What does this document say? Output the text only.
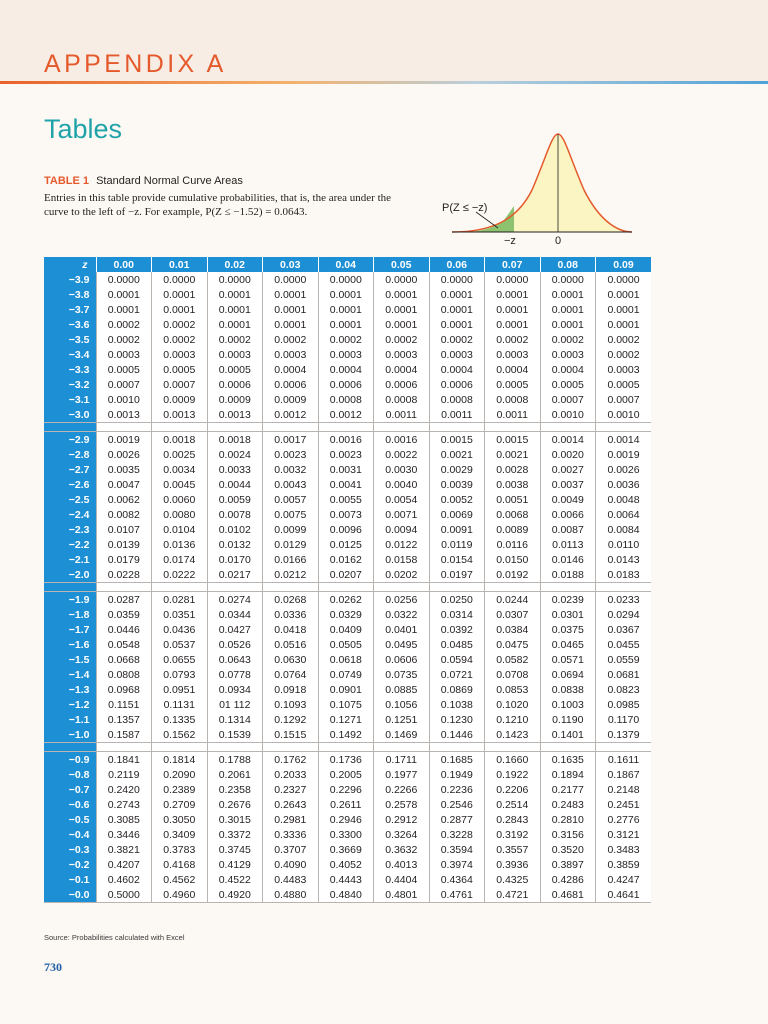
APPENDIX A
Tables
TABLE 1 Standard Normal Curve Areas
Entries in this table provide cumulative probabilities, that is, the area under the curve to the left of −z. For example, P(Z ≤ −1.52) = 0.0643.	P(Z ≤ −z)
−z	0
z	0.00	0.01	0.02	0.03	0.04	0.05	0.06	0.07	0.08	0.09
−3.9	0.0000	0.0000	0.0000	0.0000	0.0000	0.0000	0.0000	0.0000	0.0000	0.0000
−3.8	0.0001	0.0001	0.0001	0.0001	0.0001	0.0001	0.0001	0.0001	0.0001	0.0001
−3.7	0.0001	0.0001	0.0001	0.0001	0.0001	0.0001	0.0001	0.0001	0.0001	0.0001
−3.6	0.0002	0.0002	0.0001	0.0001	0.0001	0.0001	0.0001	0.0001	0.0001	0.0001
−3.5	0.0002	0.0002	0.0002	0.0002	0.0002	0.0002	0.0002	0.0002	0.0002	0.0002
−3.4	0.0003	0.0003	0.0003	0.0003	0.0003	0.0003	0.0003	0.0003	0.0003	0.0002
−3.3	0.0005	0.0005	0.0005	0.0004	0.0004	0.0004	0.0004	0.0004	0.0004	0.0003
−3.2	0.0007	0.0007	0.0006	0.0006	0.0006	0.0006	0.0006	0.0005	0.0005	0.0005
−3.1	0.0010	0.0009	0.0009	0.0009	0.0008	0.0008	0.0008	0.0008	0.0007	0.0007
−3.0	0.0013	0.0013	0.0013	0.0012	0.0012	0.0011	0.0011	0.0011	0.0010	0.0010

−2.9	0.0019	0.0018	0.0018	0.0017	0.0016	0.0016	0.0015	0.0015	0.0014	0.0014
−2.8	0.0026	0.0025	0.0024	0.0023	0.0023	0.0022	0.0021	0.0021	0.0020	0.0019
−2.7	0.0035	0.0034	0.0033	0.0032	0.0031	0.0030	0.0029	0.0028	0.0027	0.0026
−2.6	0.0047	0.0045	0.0044	0.0043	0.0041	0.0040	0.0039	0.0038	0.0037	0.0036
−2.5	0.0062	0.0060	0.0059	0.0057	0.0055	0.0054	0.0052	0.0051	0.0049	0.0048
−2.4	0.0082	0.0080	0.0078	0.0075	0.0073	0.0071	0.0069	0.0068	0.0066	0.0064
−2.3	0.0107	0.0104	0.0102	0.0099	0.0096	0.0094	0.0091	0.0089	0.0087	0.0084
−2.2	0.0139	0.0136	0.0132	0.0129	0.0125	0.0122	0.0119	0.0116	0.0113	0.0110
−2.1	0.0179	0.0174	0.0170	0.0166	0.0162	0.0158	0.0154	0.0150	0.0146	0.0143
−2.0	0.0228	0.0222	0.0217	0.0212	0.0207	0.0202	0.0197	0.0192	0.0188	0.0183

−1.9	0.0287	0.0281	0.0274	0.0268	0.0262	0.0256	0.0250	0.0244	0.0239	0.0233
−1.8	0.0359	0.0351	0.0344	0.0336	0.0329	0.0322	0.0314	0.0307	0.0301	0.0294
−1.7	0.0446	0.0436	0.0427	0.0418	0.0409	0.0401	0.0392	0.0384	0.0375	0.0367
−1.6	0.0548	0.0537	0.0526	0.0516	0.0505	0.0495	0.0485	0.0475	0.0465	0.0455
−1.5	0.0668	0.0655	0.0643	0.0630	0.0618	0.0606	0.0594	0.0582	0.0571	0.0559
−1.4	0.0808	0.0793	0.0778	0.0764	0.0749	0.0735	0.0721	0.0708	0.0694	0.0681
−1.3	0.0968	0.0951	0.0934	0.0918	0.0901	0.0885	0.0869	0.0853	0.0838	0.0823
−1.2	0.1151	0.1131	01 112	0.1093	0.1075	0.1056	0.1038	0.1020	0.1003	0.0985
−1.1	0.1357	0.1335	0.1314	0.1292	0.1271	0.1251	0.1230	0.1210	0.1190	0.1170
−1.0	0.1587	0.1562	0.1539	0.1515	0.1492	0.1469	0.1446	0.1423	0.1401	0.1379

−0.9	0.1841	0.1814	0.1788	0.1762	0.1736	0.1711	0.1685	0.1660	0.1635	0.1611
−0.8	0.2119	0.2090	0.2061	0.2033	0.2005	0.1977	0.1949	0.1922	0.1894	0.1867
−0.7	0.2420	0.2389	0.2358	0.2327	0.2296	0.2266	0.2236	0.2206	0.2177	0.2148
−0.6	0.2743	0.2709	0.2676	0.2643	0.2611	0.2578	0.2546	0.2514	0.2483	0.2451
−0.5	0.3085	0.3050	0.3015	0.2981	0.2946	0.2912	0.2877	0.2843	0.2810	0.2776
−0.4	0.3446	0.3409	0.3372	0.3336	0.3300	0.3264	0.3228	0.3192	0.3156	0.3121
−0.3	0.3821	0.3783	0.3745	0.3707	0.3669	0.3632	0.3594	0.3557	0.3520	0.3483
−0.2	0.4207	0.4168	0.4129	0.4090	0.4052	0.4013	0.3974	0.3936	0.3897	0.3859
−0.1	0.4602	0.4562	0.4522	0.4483	0.4443	0.4404	0.4364	0.4325	0.4286	0.4247
−0.0	0.5000	0.4960	0.4920	0.4880	0.4840	0.4801	0.4761	0.4721	0.4681	0.4641
Source: Probabilities calculated with Excel
730
